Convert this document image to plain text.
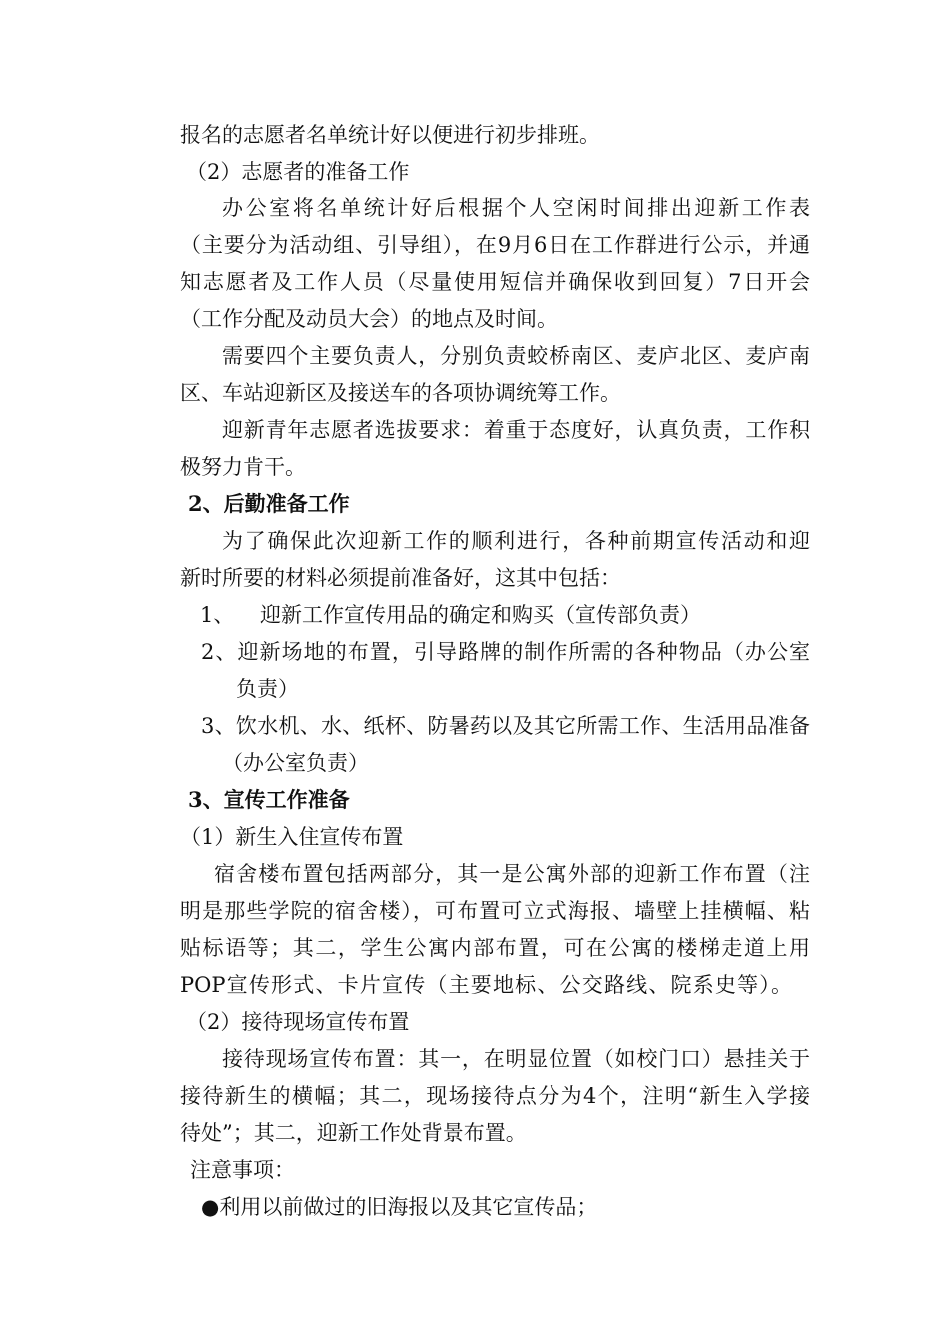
报名的志愿者名单统计好以便进行初步排班。
（2）志愿者的准备工作
办公室将名单统计好后根据个人空闲时间排出迎新工作表
（主要分为活动组、引导组），在9月6日在工作群进行公示，并通
知志愿者及工作人员（尽量使用短信并确保收到回复）7日开会
（工作分配及动员大会）的地点及时间。
需要四个主要负责人，分别负责蛟桥南区、麦庐北区、麦庐南
区、车站迎新区及接送车的各项协调统筹工作。
迎新青年志愿者选拔要求：着重于态度好，认真负责，工作积
极努力肯干。
2、后勤准备工作
为了确保此次迎新工作的顺利进行，各种前期宣传活动和迎
新时所要的材料必须提前准备好，这其中包括：
1、 迎新工作宣传用品的确定和购买（宣传部负责）
2、迎新场地的布置，引导路牌的制作所需的各种物品（办公室
负责）
3、饮水机、水、纸杯、防暑药以及其它所需工作、生活用品准备
（办公室负责）
3、宣传工作准备
（1）新生入住宣传布置
宿舍楼布置包括两部分，其一是公寓外部的迎新工作布置（注
明是那些学院的宿舍楼），可布置可立式海报、墙壁上挂横幅、粘
贴标语等；其二，学生公寓内部布置，可在公寓的楼梯走道上用
POP宣传形式、卡片宣传（主要地标、公交路线、院系史等）。
（2）接待现场宣传布置
接待现场宣传布置：其一，在明显位置（如校门口）悬挂关于
接待新生的横幅；其二，现场接待点分为4个，注明“新生入学接
待处”；其二，迎新工作处背景布置。
注意事项：
●利用以前做过的旧海报以及其它宣传品；
